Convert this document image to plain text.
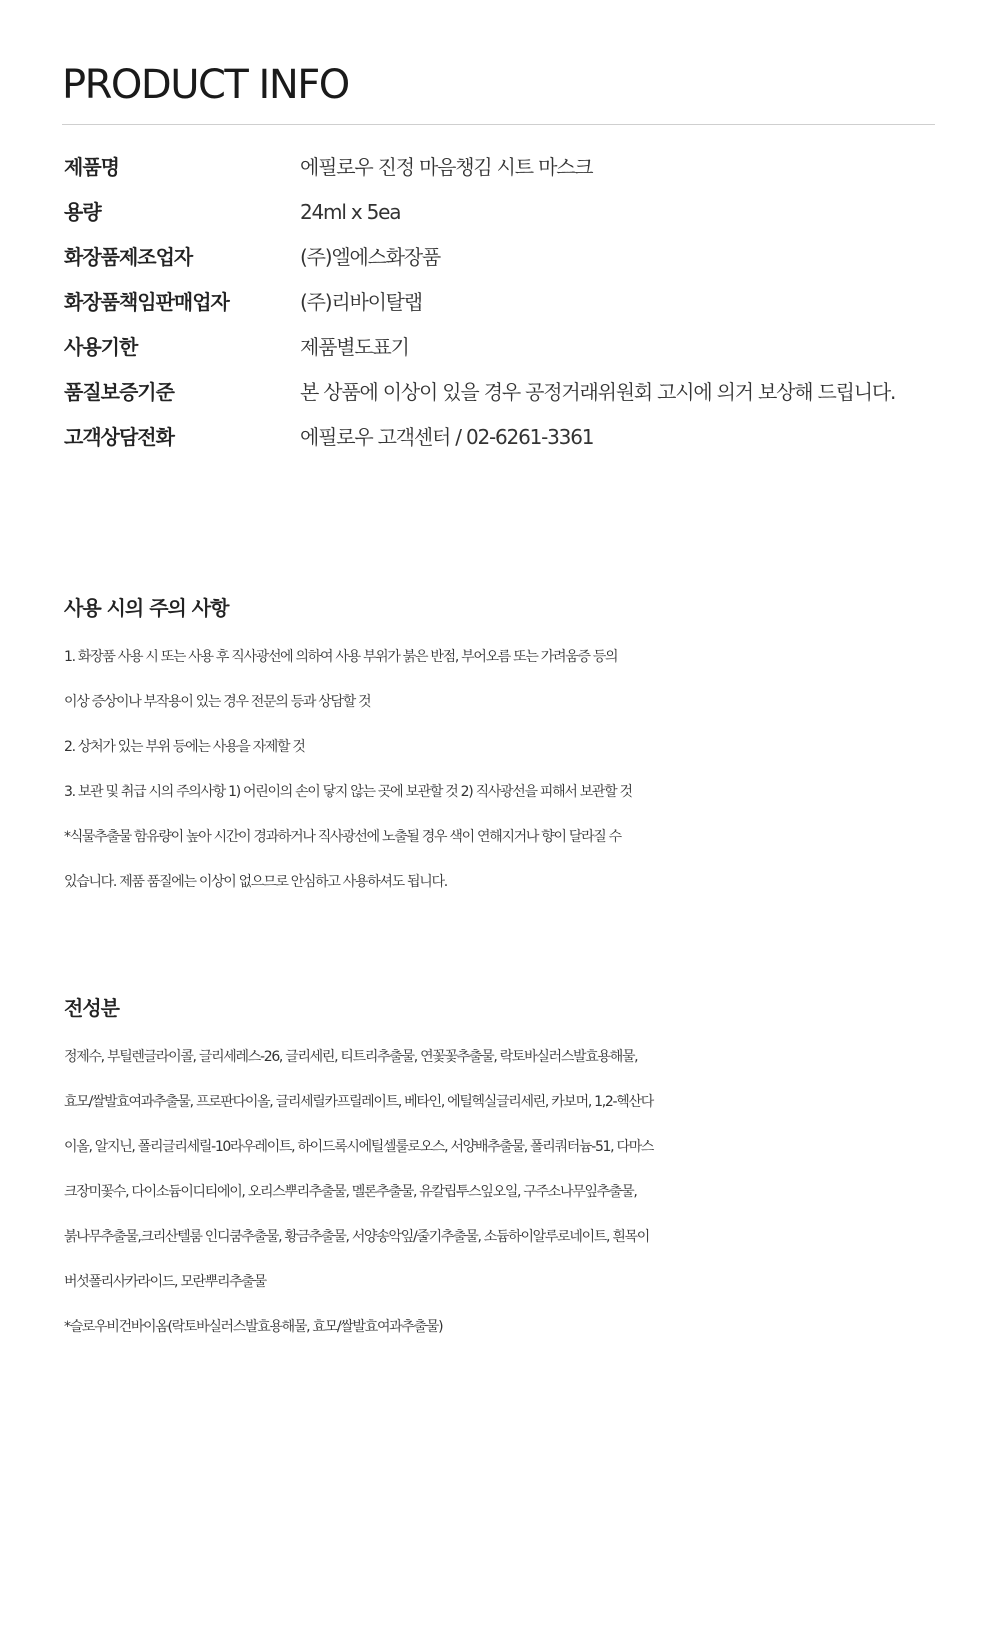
PRODUCT INFO
제품명	에필로우 진정 마음챙김 시트 마스크
용량	24ml x 5ea
화장품제조업자	(주)엘에스화장품
화장품책임판매업자	(주)리바이탈랩
사용기한	제품별도표기
품질보증기준	본 상품에 이상이 있을 경우 공정거래위원회 고시에 의거 보상해 드립니다.
고객상담전화	에필로우 고객센터 / 02-6261-3361

사용 시의 주의 사항

1. 화장품 사용 시 또는 사용 후 직사광선에 의하여 사용 부위가 붉은 반점, 부어오름 또는 가려움증 등의

이상 증상이나 부작용이 있는 경우 전문의 등과 상담할 것

2. 상처가 있는 부위 등에는 사용을 자제할 것

3. 보관 및 취급 시의 주의사항 1) 어린이의 손이 닿지 않는 곳에 보관할 것 2) 직사광선을 피해서 보관할 것

*식물추출물 함유량이 높아 시간이 경과하거나 직사광선에 노출될 경우 색이 연해지거나 향이 달라질 수

있습니다. 제품 품질에는 이상이 없으므로 안심하고 사용하셔도 됩니다.

전성분

정제수, 부틸렌글라이콜, 글리세레스-26, 글리세린, 티트리추출물, 연꽃꽃추출물, 락토바실러스발효용해물,

효모/쌀발효여과추출물, 프로판다이올, 글리세릴카프릴레이트, 베타인, 에틸헥실글리세린, 카보머, 1,2-헥산다

이올, 알지닌, 폴리글리세릴-10라우레이트, 하이드록시에틸셀룰로오스, 서양배추출물, 폴리쿼터늄-51, 다마스

크장미꽃수, 다이소듐이디티에이, 오리스뿌리추출물, 멜론추출물, 유칼립투스잎오일, 구주소나무잎추출물,

붉나무추출물,크리산텔룸 인디쿰추출물, 황금추출물, 서양송악잎/줄기추출물, 소듐하이알루로네이트, 흰목이

버섯폴리사카라이드, 모란뿌리추출물

*슬로우비건바이옴(락토바실러스발효용해물, 효모/쌀발효여과추출물)
